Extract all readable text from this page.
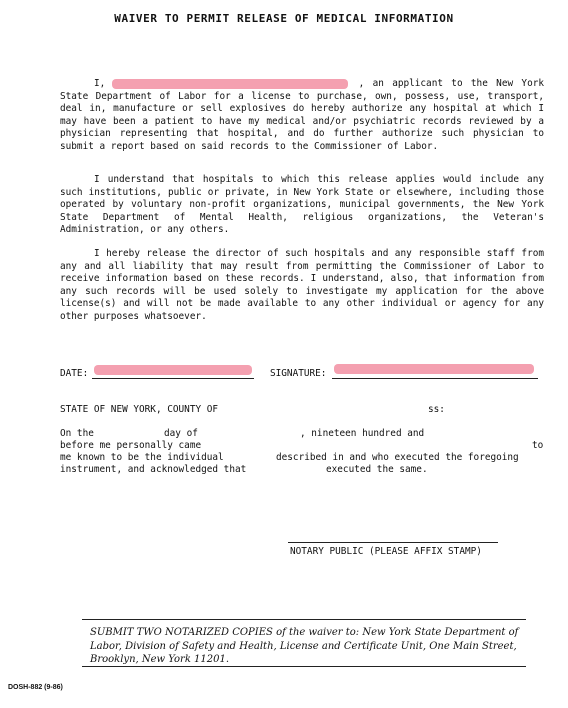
WAIVER TO PERMIT RELEASE OF MEDICAL INFORMATION
I,	, an applicant to the New York State Department of Labor for a license to purchase, own, possess, use, transport, deal in, manufacture or sell explosives do hereby authorize any hospital at which I may have been a patient to have my medical and/or psychiatric records reviewed by a physician representing that hospital, and do further authorize such physician to submit a report based on said records to the Commissioner of Labor.
I understand that hospitals to which this release applies would include any such institutions, public or private, in New York State or elsewhere, including those operated by voluntary non-profit organizations, municipal governments, the New York State Department of Mental Health, religious organizations, the Veteran's Administration, or any others.
I hereby release the director of such hospitals and any responsible staff from any and all liability that may result from permitting the Commissioner of Labor to receive information based on these records. I understand, also, that information from any such records will be used solely to investigate my application for the above license(s) and will not be made available to any other individual or agency for any other purposes whatsoever.
DATE:	SIGNATURE:
STATE OF NEW YORK, COUNTY OF	ss:
On the	day of	, nineteen hundred and
before me personally came	to
me known to be the individual	described in and who executed the foregoing
instrument, and acknowledged that	executed the same.
NOTARY PUBLIC (PLEASE AFFIX STAMP)
SUBMIT TWO NOTARIZED COPIES of the waiver to: New York State Department of Labor, Division of Safety and Health, License and Certificate Unit, One Main Street, Brooklyn, New York 11201.
DOSH-882 (9-86)
